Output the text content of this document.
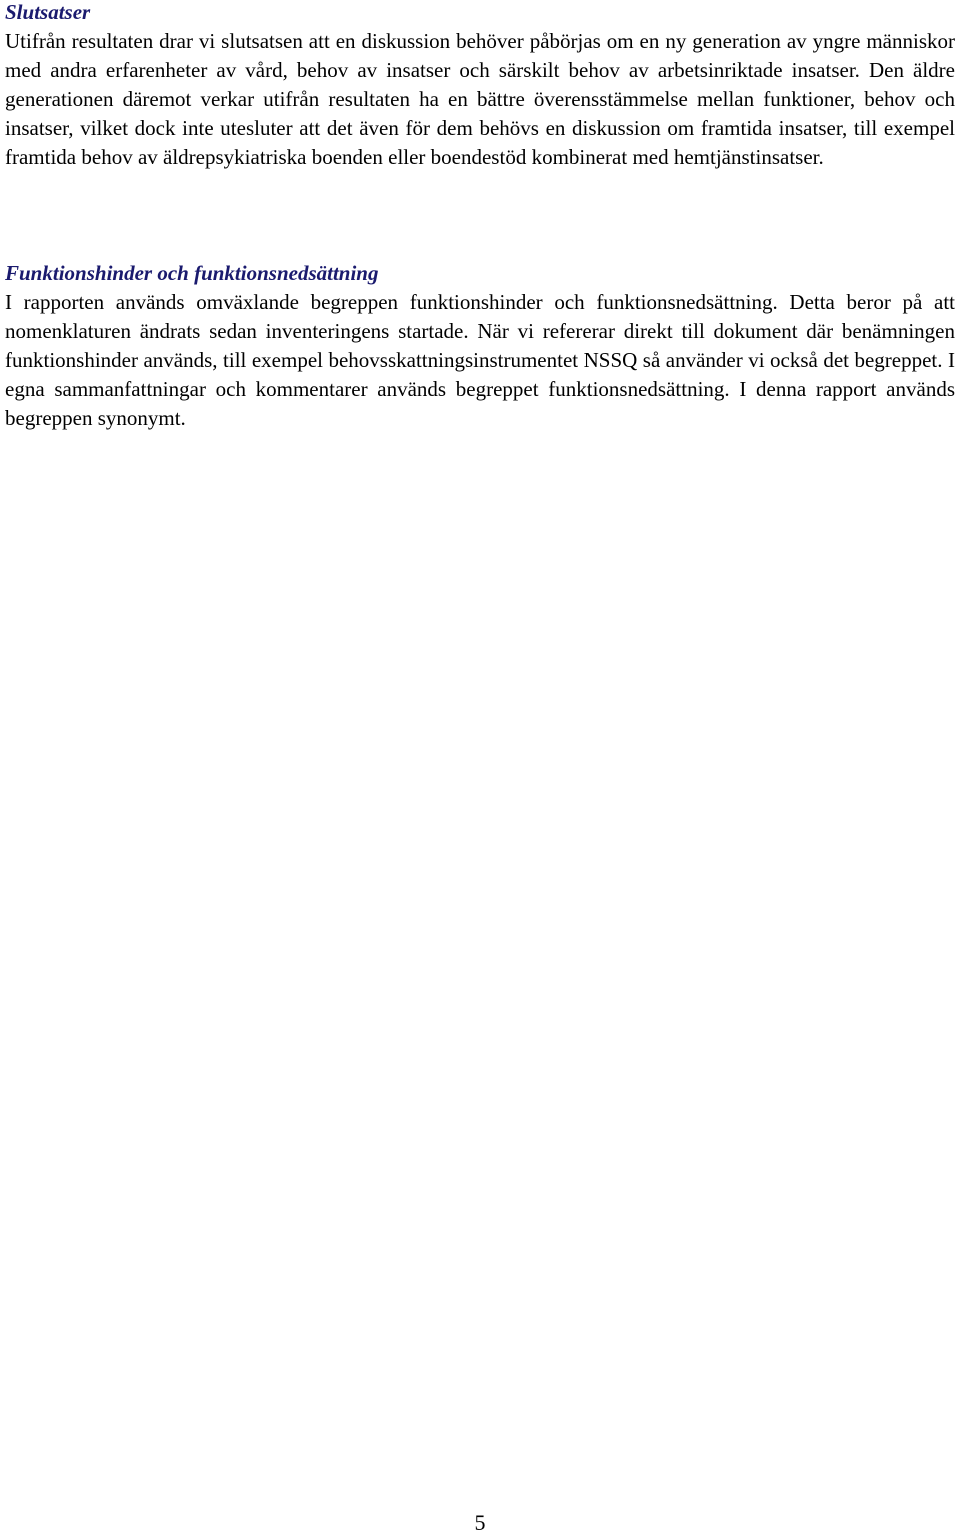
Slutsatser

Utifrån resultaten drar vi slutsatsen att en diskussion behöver påbörjas om en ny generation av yngre människor med andra erfarenheter av vård, behov av insatser och särskilt behov av arbetsinriktade insatser. Den äldre generationen däremot verkar utifrån resultaten ha en bättre överensstämmelse mellan funktioner, behov och insatser, vilket dock inte utesluter att det även för dem behövs en diskussion om framtida insatser, till exempel framtida behov av äldrepsykiatriska boenden eller boendestöd kombinerat med hemtjänstinsatser.

Funktionshinder och funktionsnedsättning

I rapporten används omväxlande begreppen funktionshinder och funktionsnedsättning. Detta beror på att nomenklaturen ändrats sedan inventeringens startade. När vi refererar direkt till dokument där benämningen funktionshinder används, till exempel behovsskattningsinstrumentet NSSQ så använder vi också det begreppet. I egna sammanfattningar och kommentarer används begreppet funktionsnedsättning. I denna rapport används begreppen synonymt.

5
